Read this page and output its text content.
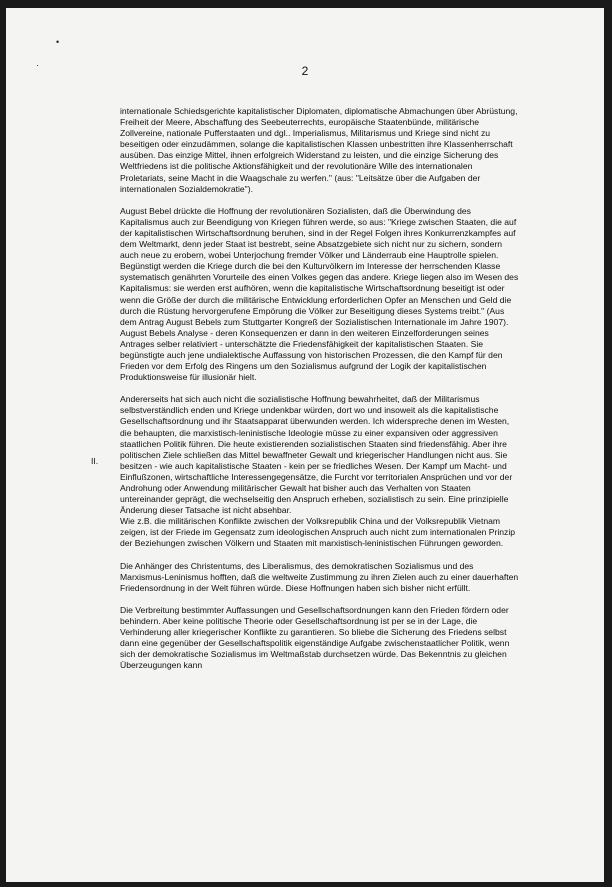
•
·	2
II.

internationale Schiedsgerichte kapitalistischer Diplomaten, diplomatische Abmachungen über Abrüstung, Freiheit der Meere, Abschaffung des Seebeuterrechts, europäische Staatenbünde, militärische Zollvereine, nationale Pufferstaaten und dgl.. Imperialismus, Militarismus und Kriege sind nicht zu beseitigen oder einzudämmen, solange die kapitalistischen Klassen unbestritten ihre Klassenherrschaft ausüben. Das einzige Mittel, ihnen erfolgreich Widerstand zu leisten, und die einzige Sicherung des Weltfriedens ist die politische Aktionsfähigkeit und der revolutionäre Wille des internationalen Proletariats, seine Macht in die Waagschale zu werfen." (aus: "Leitsätze über die Aufgaben der internationalen Sozialdemokratie").

August Bebel drückte die Hoffnung der revolutionären Sozialisten, daß die Überwindung des Kapitalismus auch zur Beendigung von Kriegen führen werde, so aus: "Kriege zwischen Staaten, die auf der kapitalistischen Wirtschaftsordnung beruhen, sind in der Regel Folgen ihres Konkurrenzkampfes auf dem Weltmarkt, denn jeder Staat ist bestrebt, seine Absatzgebiete sich nicht nur zu sichern, sondern auch neue zu erobern, wobei Unterjochung fremder Völker und Länderraub eine Hauptrolle spielen. Begünstigt werden die Kriege durch die bei den Kulturvölkern im Interesse der herrschenden Klasse systematisch genährten Vorurteile des einen Volkes gegen das andere. Kriege liegen also im Wesen des Kapitalismus: sie werden erst aufhören, wenn die kapitalistische Wirtschaftsordnung beseitigt ist oder wenn die Größe der durch die militärische Entwicklung erforderlichen Opfer an Menschen und Geld die durch die Rüstung hervorgerufene Empörung die Völker zur Beseitigung dieses Systems treibt." (Aus dem Antrag August Bebels zum Stuttgarter Kongreß der Sozialistischen Internationale im Jahre 1907). August Bebels Analyse - deren Konsequenzen er dann in den weiteren Einzelforderungen seines Antrages selber relativiert - unterschätzte die Friedensfähigkeit der kapitalistischen Staaten. Sie begünstigte auch jene undialektische Auffassung von historischen Prozessen, die den Kampf für den Frieden vor dem Erfolg des Ringens um den Sozialismus aufgrund der Logik der kapitalistischen Produktionsweise für illusionär hielt.

Andererseits hat sich auch nicht die sozialistische Hoffnung bewahrheitet, daß der Militarismus selbstverständlich enden und Kriege undenkbar würden, dort wo und insoweit als die kapitalistische Gesellschaftsordnung und ihr Staatsapparat überwunden werden. Ich widerspreche denen im Westen, die behaupten, die marxistisch-leninistische Ideologie müsse zu einer expansiven oder aggressiven staatlichen Politik führen. Die heute existierenden sozialistischen Staaten sind friedensfähig. Aber ihre politischen Ziele schließen das Mittel bewaffneter Gewalt und kriegerischer Handlungen nicht aus. Sie besitzen - wie auch kapitalistische Staaten - kein per se friedliches Wesen. Der Kampf um Macht- und Einflußzonen, wirtschaftliche Interessengegensätze, die Furcht vor territorialen Ansprüchen und vor der Androhung oder Anwendung militärischer Gewalt hat bisher auch das Verhalten von Staaten untereinander geprägt, die wechselseitig den Anspruch erheben, sozialistisch zu sein. Eine prinzipielle Änderung dieser Tatsache ist nicht absehbar.
Wie z.B. die militärischen Konflikte zwischen der Volksrepublik China und der Volksrepublik Vietnam zeigen, ist der Friede im Gegensatz zum ideologischen Anspruch auch nicht zum internationalen Prinzip der Beziehungen zwischen Völkern und Staaten mit marxistisch-leninistischen Führungen geworden.

Die Anhänger des Christentums, des Liberalismus, des demokratischen Sozialismus und des Marxismus-Leninismus hofften, daß die weltweite Zustimmung zu ihren Zielen auch zu einer dauerhaften Friedensordnung in der Welt führen würde. Diese Hoffnungen haben sich bisher nicht erfüllt.

Die Verbreitung bestimmter Auffassungen und Gesellschaftsordnungen kann den Frieden fördern oder behindern. Aber keine politische Theorie oder Gesellschaftsordnung ist per se in der Lage, die Verhinderung aller kriegerischer Konflikte zu garantieren. So bliebe die Sicherung des Friedens selbst dann eine gegenüber der Gesellschaftspolitik eigenständige Aufgabe zwischenstaatlicher Politik, wenn sich der demokratische Sozialismus im Weltmaßstab durchsetzen würde. Das Bekenntnis zu gleichen Überzeugungen kann
